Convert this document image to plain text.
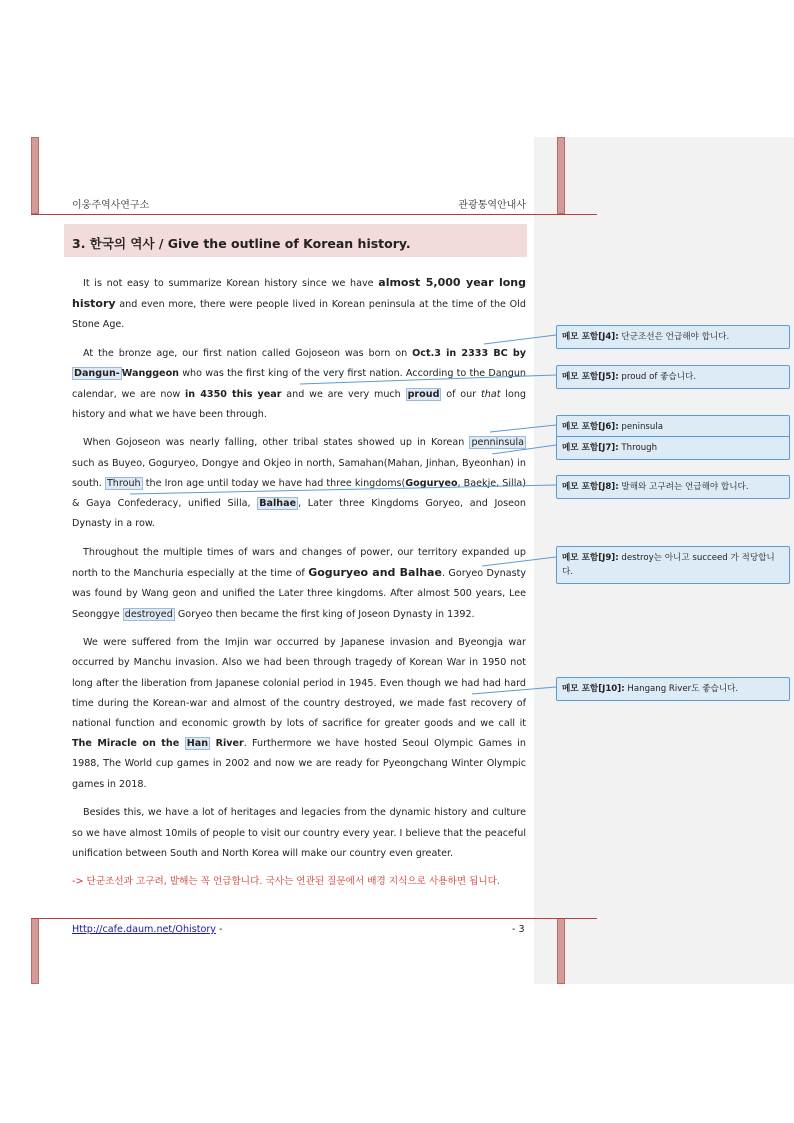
이웅주역사연구소	관광통역안내사
3. 한국의 역사 / Give the outline of Korean history.

It is not easy to summarize Korean history since we have almost 5,000 year long history and even more, there were people lived in Korean peninsula at the time of the Old Stone Age.

At the bronze age, our first nation called Gojoseon was born on Oct.3 in 2333 BC by Dangun- Wanggeon who was the first king of the very first nation. According to the Dangun calendar, we are now in 4350 this year and we are very much proud of our that long history and what we have been through.

When Gojoseon was nearly falling, other tribal states showed up in Korean penninsula such as Buyeo, Goguryeo, Dongye and Okjeo in north, Samahan(Mahan, Jinhan, Byeonhan) in south. Throuh the Iron age until today we have had three kingdoms(Goguryeo, Baekje, Silla) & Gaya Confederacy, unified Silla, Balhae , Later three Kingdoms Goryeo, and Joseon Dynasty in a row.

Throughout the multiple times of wars and changes of power, our territory expanded up north to the Manchuria especially at the time of Goguryeo and Balhae. Goryeo Dynasty was found by Wang geon and unified the Later three kingdoms. After almost 500 years, Lee Seonggye destroyed Goryeo then became the first king of Joseon Dynasty in 1392.

We were suffered from the Imjin war occurred by Japanese invasion and Byeongja war occurred by Manchu invasion. Also we had been through tragedy of Korean War in 1950 not long after the liberation from Japanese colonial period in 1945. Even though we had had hard time during the Korean-war and almost of the country destroyed, we made fast recovery of national function and economic growth by lots of sacrifice for greater goods and we call it The Miracle on the Han River. Furthermore we have hosted Seoul Olympic Games in 1988, The World cup games in 2002 and now we are ready for Pyeongchang Winter Olympic games in 2018.

Besides this, we have a lot of heritages and legacies from the dynamic history and culture so we have almost 10mils of people to visit our country every year. I believe that the peaceful unification between South and North Korea will make our country even greater.

-> 단군조선과 고구려, 발해는 꼭 언급합니다. 국사는 연관된 질문에서 배경 지식으로 사용하면 됩니다.

메모 포함[J4]: 단군조선은 언급해야 합니다.
메모 포함[J5]: proud of 좋습니다.
메모 포함[J6]: peninsula
메모 포함[J7]: Through
메모 포함[J8]: 발해와 고구려는 언급해야 합니다.
메모 포함[J9]: destroy는 아니고 succeed 가 적당합니다.
메모 포함[J10]: Hangang River도 좋습니다.
Http://cafe.daum.net/Ohistory -	- 3
